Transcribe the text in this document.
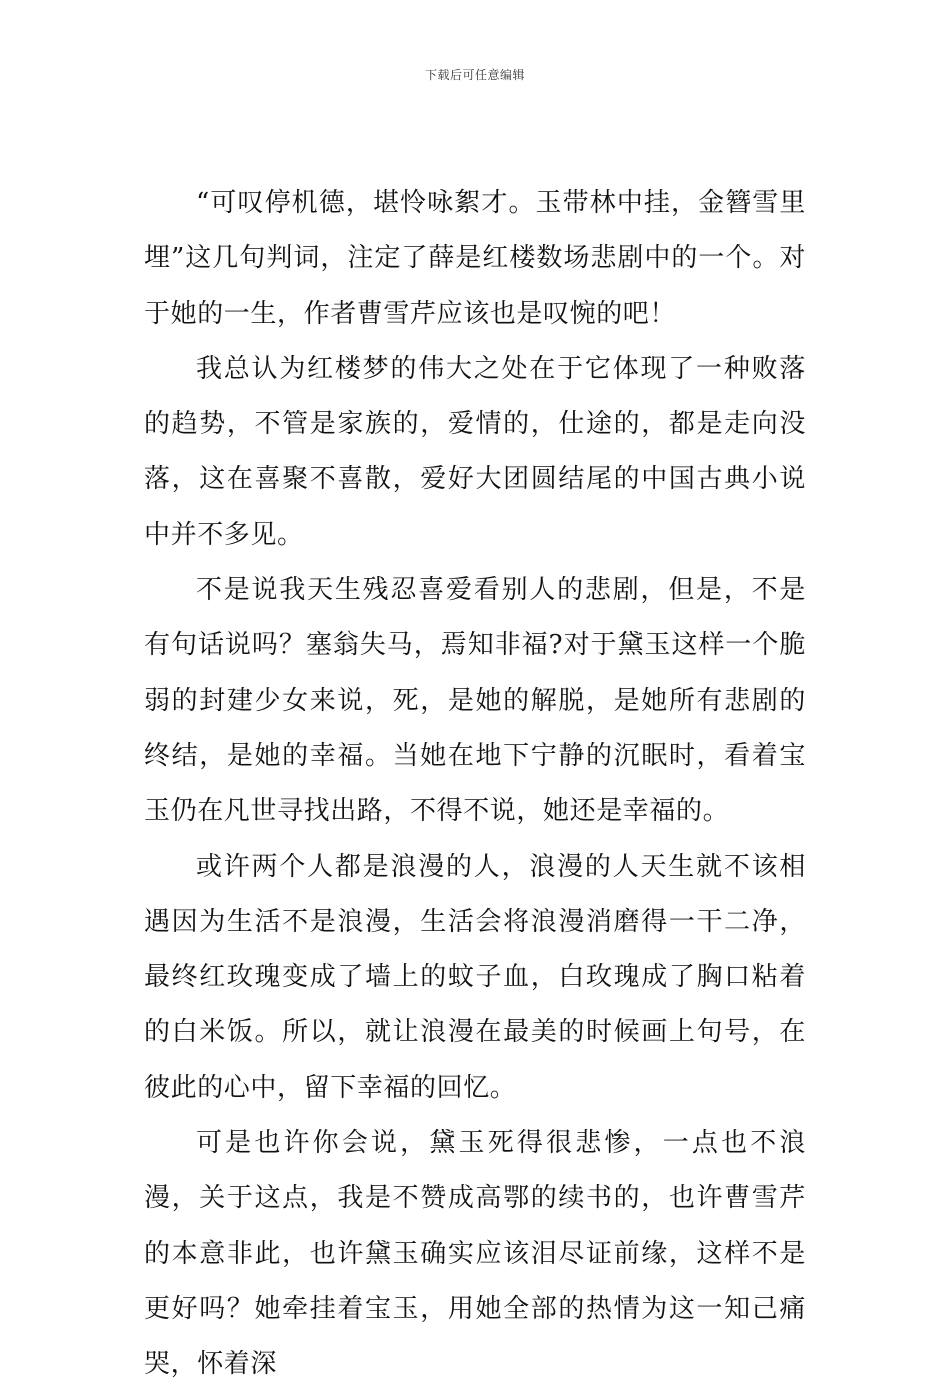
下载后可任意编辑

“可叹停机德，堪怜咏絮才。玉带林中挂，金簪雪里埋”这几句判词，注定了薛是红楼数场悲剧中的一个。对于她的一生，作者曹雪芹应该也是叹惋的吧！

我总认为红楼梦的伟大之处在于它体现了一种败落的趋势，不管是家族的，爱情的，仕途的，都是走向没落，这在喜聚不喜散，爱好大团圆结尾的中国古典小说中并不多见。

不是说我天生残忍喜爱看别人的悲剧，但是，不是有句话说吗？塞翁失马，焉知非福?对于黛玉这样一个脆弱的封建少女来说，死，是她的解脱，是她所有悲剧的终结，是她的幸福。当她在地下宁静的沉眠时，看着宝玉仍在凡世寻找出路，不得不说，她还是幸福的。

或许两个人都是浪漫的人，浪漫的人天生就不该相遇因为生活不是浪漫，生活会将浪漫消磨得一干二净，最终红玫瑰变成了墙上的蚊子血，白玫瑰成了胸口粘着的白米饭。所以，就让浪漫在最美的时候画上句号，在彼此的心中，留下幸福的回忆。

可是也许你会说，黛玉死得很悲惨，一点也不浪漫，关于这点，我是不赞成高鄂的续书的，也许曹雪芹的本意非此，也许黛玉确实应该泪尽证前缘，这样不是更好吗？她牵挂着宝玉，用她全部的热情为这一知己痛哭，怀着深
